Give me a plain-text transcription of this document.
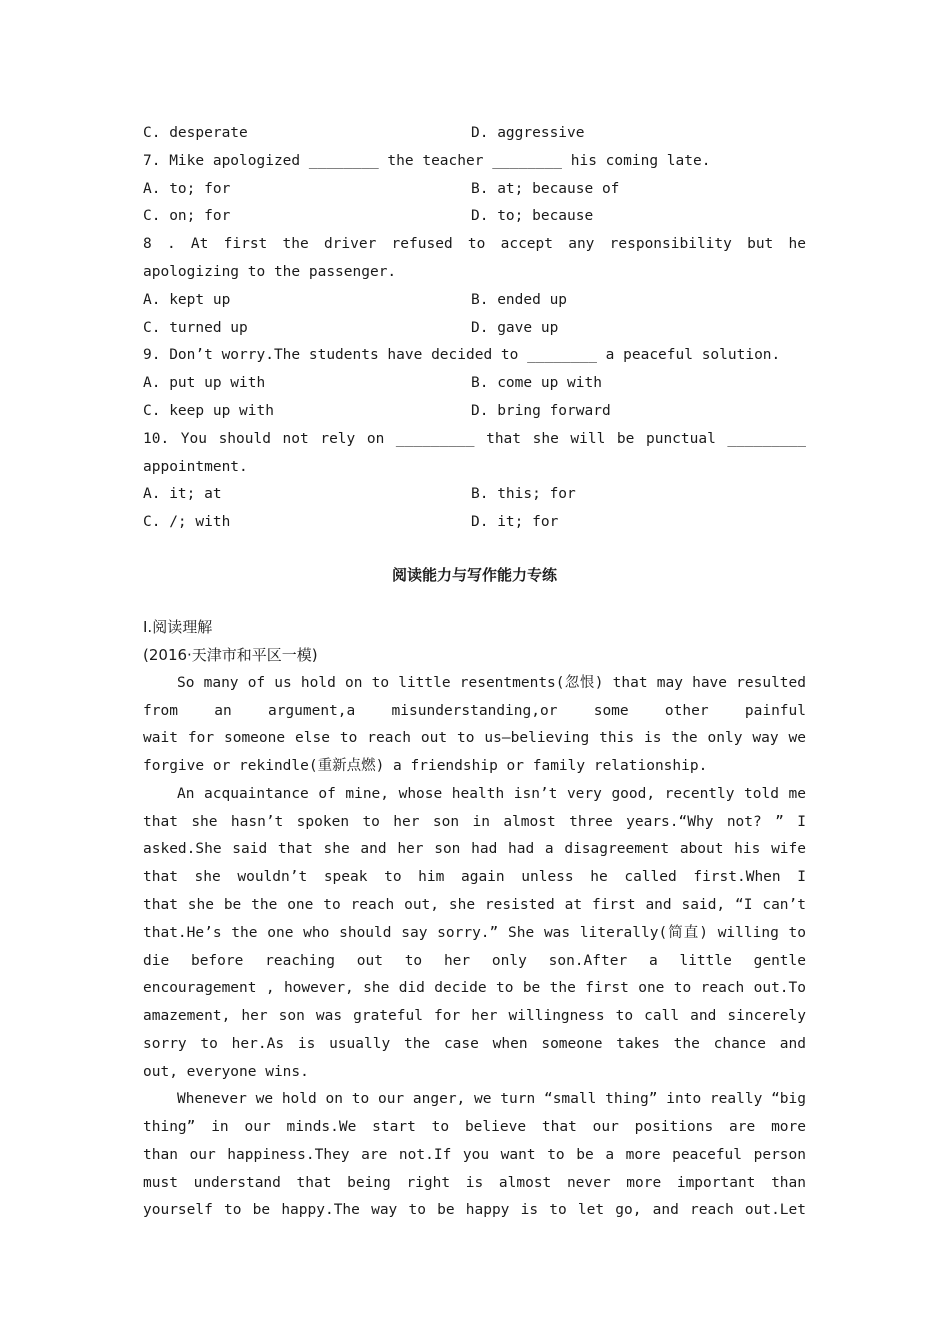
C. desperate	D. aggressive
7. Mike apologized ________ the teacher ________ his coming late.
A. to; for	B. at; because of
C. on; for	D. to; because
8 . At first the driver refused to accept any responsibility but he
apologizing to the passenger.
A. kept up	B. ended up
C. turned up	D. gave up
9. Don’t worry.The students have decided to ________ a peaceful solution.
A. put up with	B. come up with
C. keep up with	D. bring forward
10. You should not rely on _________ that she will be punctual _________
appointment.
A. it; at	B. this; for
C. /; with	D. it; for
阅读能力与写作能力专练
Ⅰ.阅读理解
(2016·天津市和平区一模)
So many of us hold on to little resentments(忽恨) that may have resulted
from an argument,a misunderstanding,or some other painful
wait for someone else to reach out to us—believing this is the only way we
forgive or rekindle(重新点燃) a friendship or family relationship.
An acquaintance of mine, whose health isn’t very good, recently told me
that she hasn’t spoken to her son in almost three years.“Why not? ” I
asked.She said that she and her son had had a disagreement about his wife
that she wouldn’t speak to him again unless he called first.When I
that she be the one to reach out, she resisted at first and said, “I can’t
that.He’s the one who should say sorry.” She was literally(简直) willing to
die before reaching out to her only son.After a little gentle
encouragement , however, she did decide to be the first one to reach out.To
amazement, her son was grateful for her willingness to call and sincerely
sorry to her.As is usually the case when someone takes the chance and
out, everyone wins.
Whenever we hold on to our anger, we turn “small thing” into really “big
thing” in our minds.We start to believe that our positions are more
than our happiness.They are not.If you want to be a more peaceful person
must understand that being right is almost never more important than
yourself to be happy.The way to be happy is to let go, and reach out.Let
